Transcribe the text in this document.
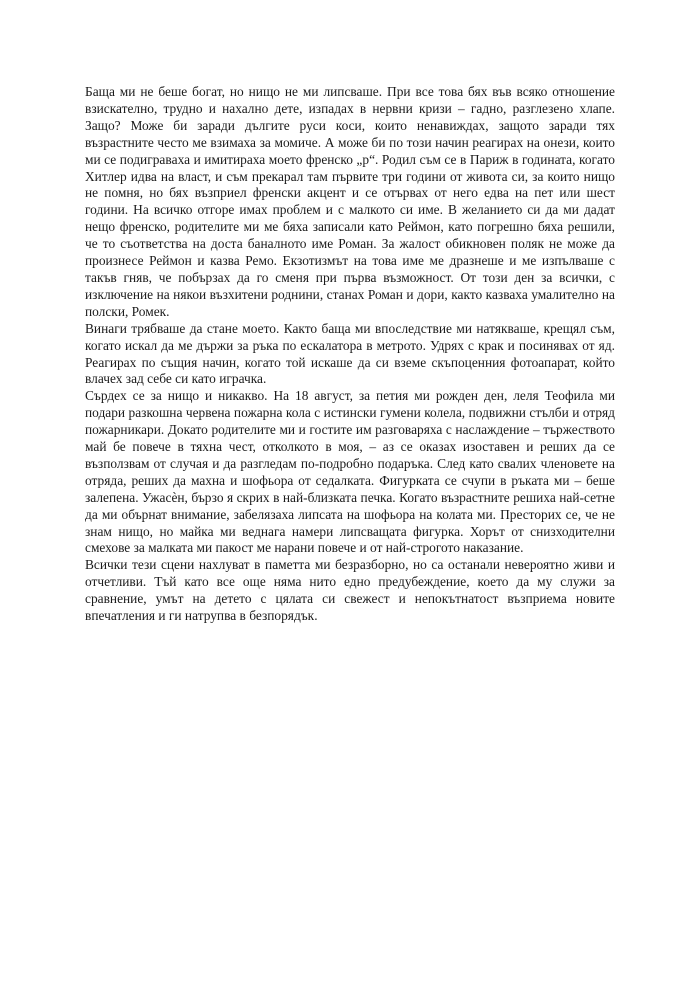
Баща ми не беше богат, но нищо не ми липсваше. При все това бях във всяко отношение взискателно, трудно и нахално дете, изпадах в нервни кризи – гадно, разглезено хлапе. Защо? Може би заради дългите руси коси, които ненавиждах, защото заради тях възрастните често ме взимаха за момиче. А може би по този начин реагирах на онези, които ми се подигравaха и имитираха моето френско „р“. Родил съм се в Париж в годината, когато Хитлер идва на власт, и съм прекарал там първите три години от живота си, за които нищо не помня, но бях възприел френски акцент и се отървах от него едва на пет или шест години. На всичко отгоре имах проблем и с малкото си име. В желанието си да ми дадат нещо френско, родителите ми ме бяха записали като Реймон, като погрешно бяха решили, че то съответства на доста баналното име Роман. За жалост обикновен поляк не може да произнесе Реймон и казва Ремо. Екзотизмът на това име ме дразнеше и ме изпълваше с такъв гняв, че побързах да го сменя при първа възможност. От този ден за всички, с изключение на някои възхитени роднини, станах Роман и дори, както казваха умалително на полски, Ромек.

Винаги трябваше да стане моето. Както баща ми впоследствие ми натякваше, крещял съм, когато искал да ме държи за ръка по ескалатора в метрото. Удрях с крак и посинявах от яд. Реагирах по същия начин, когато той искаше да си вземе скъпоценния фотоапарат, който влачех зад себе си като играчка.

Сърдех се за нищо и никакво. На 18 август, за петия ми рожден ден, леля Теофила ми подари разкошна червена пожарна кола с истински гумени колела, подвижни стълби и отряд пожарникари. Докато родителите ми и гостите им разговаряха с наслаждение – тържеството май бе повече в тяхна чест, отколкото в моя, – аз се оказах изоставен и реших да се възползвам от случая и да разгледам по-подробно подаръка. След като свалих членовете на отряда, реших да махна и шофьора от седалката. Фигурката се счупи в ръката ми – беше залепена. Ужасѐн, бързо я скрих в най-близката печка. Когато възрастните решиха най-сетне да ми обърнат внимание, забелязаха липсата на шофьора на колата ми. Престорих се, че не знам нищо, но майка ми веднага намери липсващата фигурка. Хорът от снизходителни смехове за малката ми пакост ме нарани повече и от най-строгото наказание.

Всички тези сцени нахлуват в паметта ми безразборно, но са останали невероятно живи и отчетливи. Тъй като все още няма нито едно предубеждение, което да му служи за сравнение, умът на детето с цялата си свежест и непокътнатост възприема новите впечатления и ги натрупва в безпорядък.
